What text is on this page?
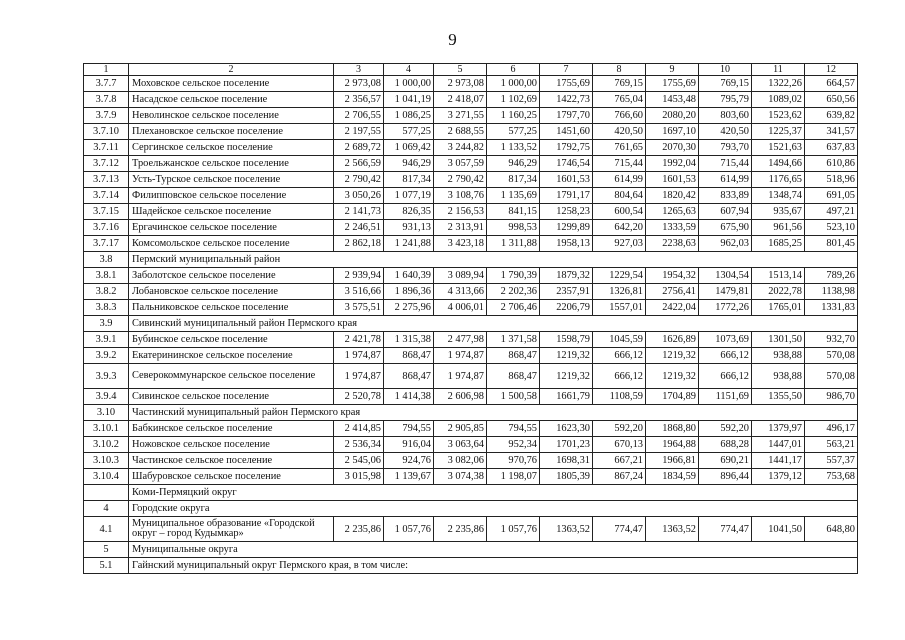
9
1	2	3	4	5	6	7	8	9	10	11	12
3.7.7	Моховское сельское поселение	2 973,08	1 000,00	2 973,08	1 000,00	1755,69	769,15	1755,69	769,15	1322,26	664,57
3.7.8	Насадское сельское поселение	2 356,57	1 041,19	2 418,07	1 102,69	1422,73	765,04	1453,48	795,79	1089,02	650,56
3.7.9	Неволинское сельское поселение	2 706,55	1 086,25	3 271,55	1 160,25	1797,70	766,60	2080,20	803,60	1523,62	639,82
3.7.10	Плехановское сельское поселение	2 197,55	577,25	2 688,55	577,25	1451,60	420,50	1697,10	420,50	1225,37	341,57
3.7.11	Сергинское сельское поселение	2 689,72	1 069,42	3 244,82	1 133,52	1792,75	761,65	2070,30	793,70	1521,63	637,83
3.7.12	Троельжанское сельское поселение	2 566,59	946,29	3 057,59	946,29	1746,54	715,44	1992,04	715,44	1494,66	610,86
3.7.13	Усть-Турское сельское поселение	2 790,42	817,34	2 790,42	817,34	1601,53	614,99	1601,53	614,99	1176,65	518,96
3.7.14	Филипповское сельское поселение	3 050,26	1 077,19	3 108,76	1 135,69	1791,17	804,64	1820,42	833,89	1348,74	691,05
3.7.15	Шадейское сельское поселение	2 141,73	826,35	2 156,53	841,15	1258,23	600,54	1265,63	607,94	935,67	497,21
3.7.16	Ергачинское сельское поселение	2 246,51	931,13	2 313,91	998,53	1299,89	642,20	1333,59	675,90	961,56	523,10
3.7.17	Комсомольское сельское поселение	2 862,18	1 241,88	3 423,18	1 311,88	1958,13	927,03	2238,63	962,03	1685,25	801,45
3.8	Пермский муниципальный район										
3.8.1	Заболотское сельское поселение	2 939,94	1 640,39	3 089,94	1 790,39	1879,32	1229,54	1954,32	1304,54	1513,14	789,26
3.8.2	Лобановское сельское поселение	3 516,66	1 896,36	4 313,66	2 202,36	2357,91	1326,81	2756,41	1479,81	2022,78	1138,98
3.8.3	Пальниковское сельское поселение	3 575,51	2 275,96	4 006,01	2 706,46	2206,79	1557,01	2422,04	1772,26	1765,01	1331,83
3.9	Сивинский муниципальный район Пермского края										
3.9.1	Бубинское сельское поселение	2 421,78	1 315,38	2 477,98	1 371,58	1598,79	1045,59	1626,89	1073,69	1301,50	932,70
3.9.2	Екатерининское сельское поселение	1 974,87	868,47	1 974,87	868,47	1219,32	666,12	1219,32	666,12	938,88	570,08
3.9.3	Северокоммунарское сельское поселение	1 974,87	868,47	1 974,87	868,47	1219,32	666,12	1219,32	666,12	938,88	570,08
3.9.4	Сивинское сельское поселение	2 520,78	1 414,38	2 606,98	1 500,58	1661,79	1108,59	1704,89	1151,69	1355,50	986,70
3.10	Частинский муниципальный район Пермского края										
3.10.1	Бабкинское сельское поселение	2 414,85	794,55	2 905,85	794,55	1623,30	592,20	1868,80	592,20	1379,97	496,17
3.10.2	Ножовское сельское поселение	2 536,34	916,04	3 063,64	952,34	1701,23	670,13	1964,88	688,28	1447,01	563,21
3.10.3	Частинское сельское поселение	2 545,06	924,76	3 082,06	970,76	1698,31	667,21	1966,81	690,21	1441,17	557,37
3.10.4	Шабуровское сельское поселение	3 015,98	1 139,67	3 074,38	1 198,07	1805,39	867,24	1834,59	896,44	1379,12	753,68
	Коми-Пермяцкий округ										
4	Городские округа										
4.1	Муниципальное образование «Городской округ – город Кудымкар»	2 235,86	1 057,76	2 235,86	1 057,76	1363,52	774,47	1363,52	774,47	1041,50	648,80
5	Муниципальные округа										
5.1	Гайнский муниципальный округ Пермского края, в том числе:										
